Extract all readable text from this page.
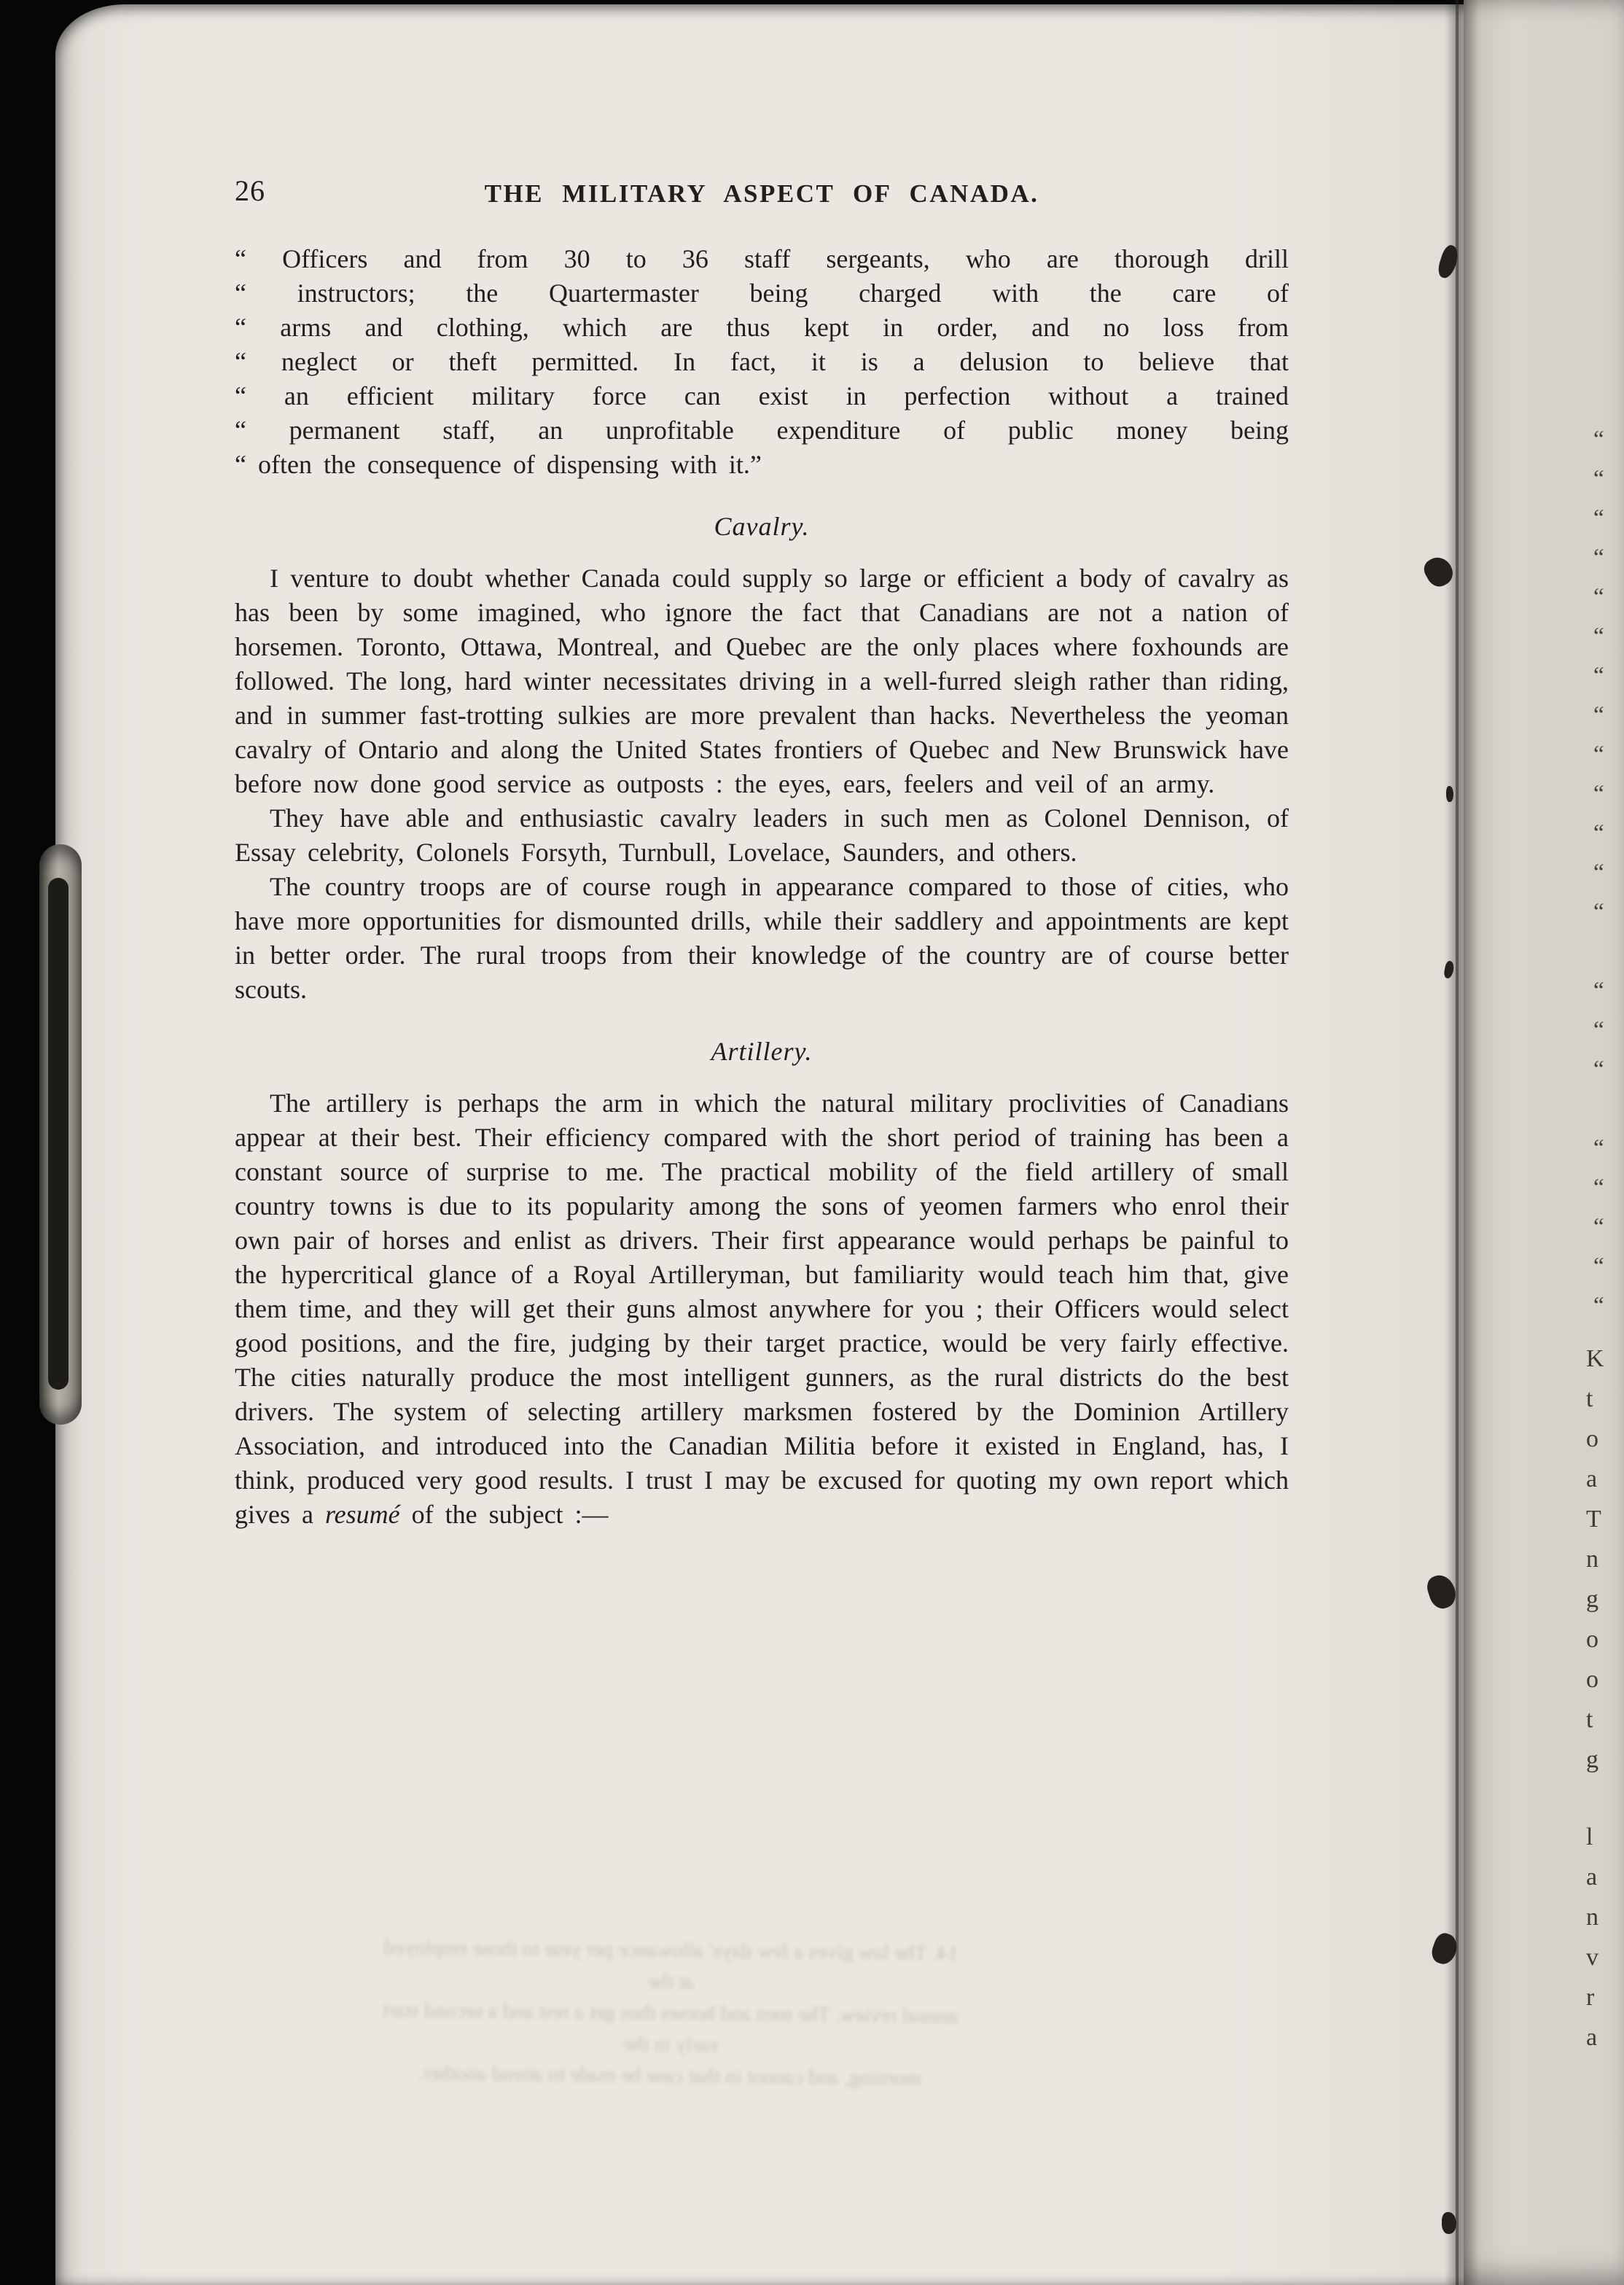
26	THE MILITARY ASPECT OF CANADA.
“ Officers and from 30 to 36 staff sergeants, who are thorough drill
“ instructors; the Quartermaster being charged with the care of
“ arms and clothing, which are thus kept in order, and no loss from
“ neglect or theft permitted. In fact, it is a delusion to believe that
“ an efficient military force can exist in perfection without a trained
“ permanent staff, an unprofitable expenditure of public money being
“ often the consequence of dispensing with it.”
Cavalry.

I venture to doubt whether Canada could supply so large or efficient a body of cavalry as has been by some imagined, who ignore the fact that Canadians are not a nation of horsemen. Toronto, Ottawa, Montreal, and Quebec are the only places where foxhounds are followed. The long, hard winter necessitates driving in a well-furred sleigh rather than riding, and in summer fast-trotting sulkies are more prevalent than hacks. Nevertheless the yeoman cavalry of Ontario and along the United States frontiers of Quebec and New Brunswick have before now done good service as outposts : the eyes, ears, feelers and veil of an army.

They have able and enthusiastic cavalry leaders in such men as Colonel Dennison, of Essay celebrity, Colonels Forsyth, Turnbull, Lovelace, Saunders, and others.

The country troops are of course rough in appearance compared to those of cities, who have more opportunities for dismounted drills, while their saddlery and appointments are kept in better order. The rural troops from their knowledge of the country are of course better scouts.

Artillery.

The artillery is perhaps the arm in which the natural military proclivities of Canadians appear at their best. Their efficiency compared with the short period of training has been a constant source of surprise to me. The practical mobility of the field artillery of small country towns is due to its popularity among the sons of yeomen farmers who enrol their own pair of horses and enlist as drivers. Their first appearance would perhaps be painful to the hypercritical glance of a Royal Artilleryman, but familiarity would teach him that, give them time, and they will get their guns almost anywhere for you ; their Officers would select good positions, and the fire, judging by their target practice, would be very fairly effective. The cities naturally produce the most intelligent gunners, as the rural districts do the best drivers. The system of selecting artillery marksmen fostered by the Dominion Artillery Association, and introduced into the Canadian Militia before it existed in England, has, I think, produced very good results. I trust I may be excused for quoting my own report which gives a resumé of the subject :—

14. The law gives a few days' allowance per year to those employed at the
annual review. The men and horses thus get a rest and a second start early in the
morning, and cannot in that case be made to attend another.
“
“
“
“
“
“
“
“
“
“
“
“
“
“
“
“
“
“
“
“
“
K
t
o
a
T
n
g
o
o
t
g
l
a
n
v
r
a
